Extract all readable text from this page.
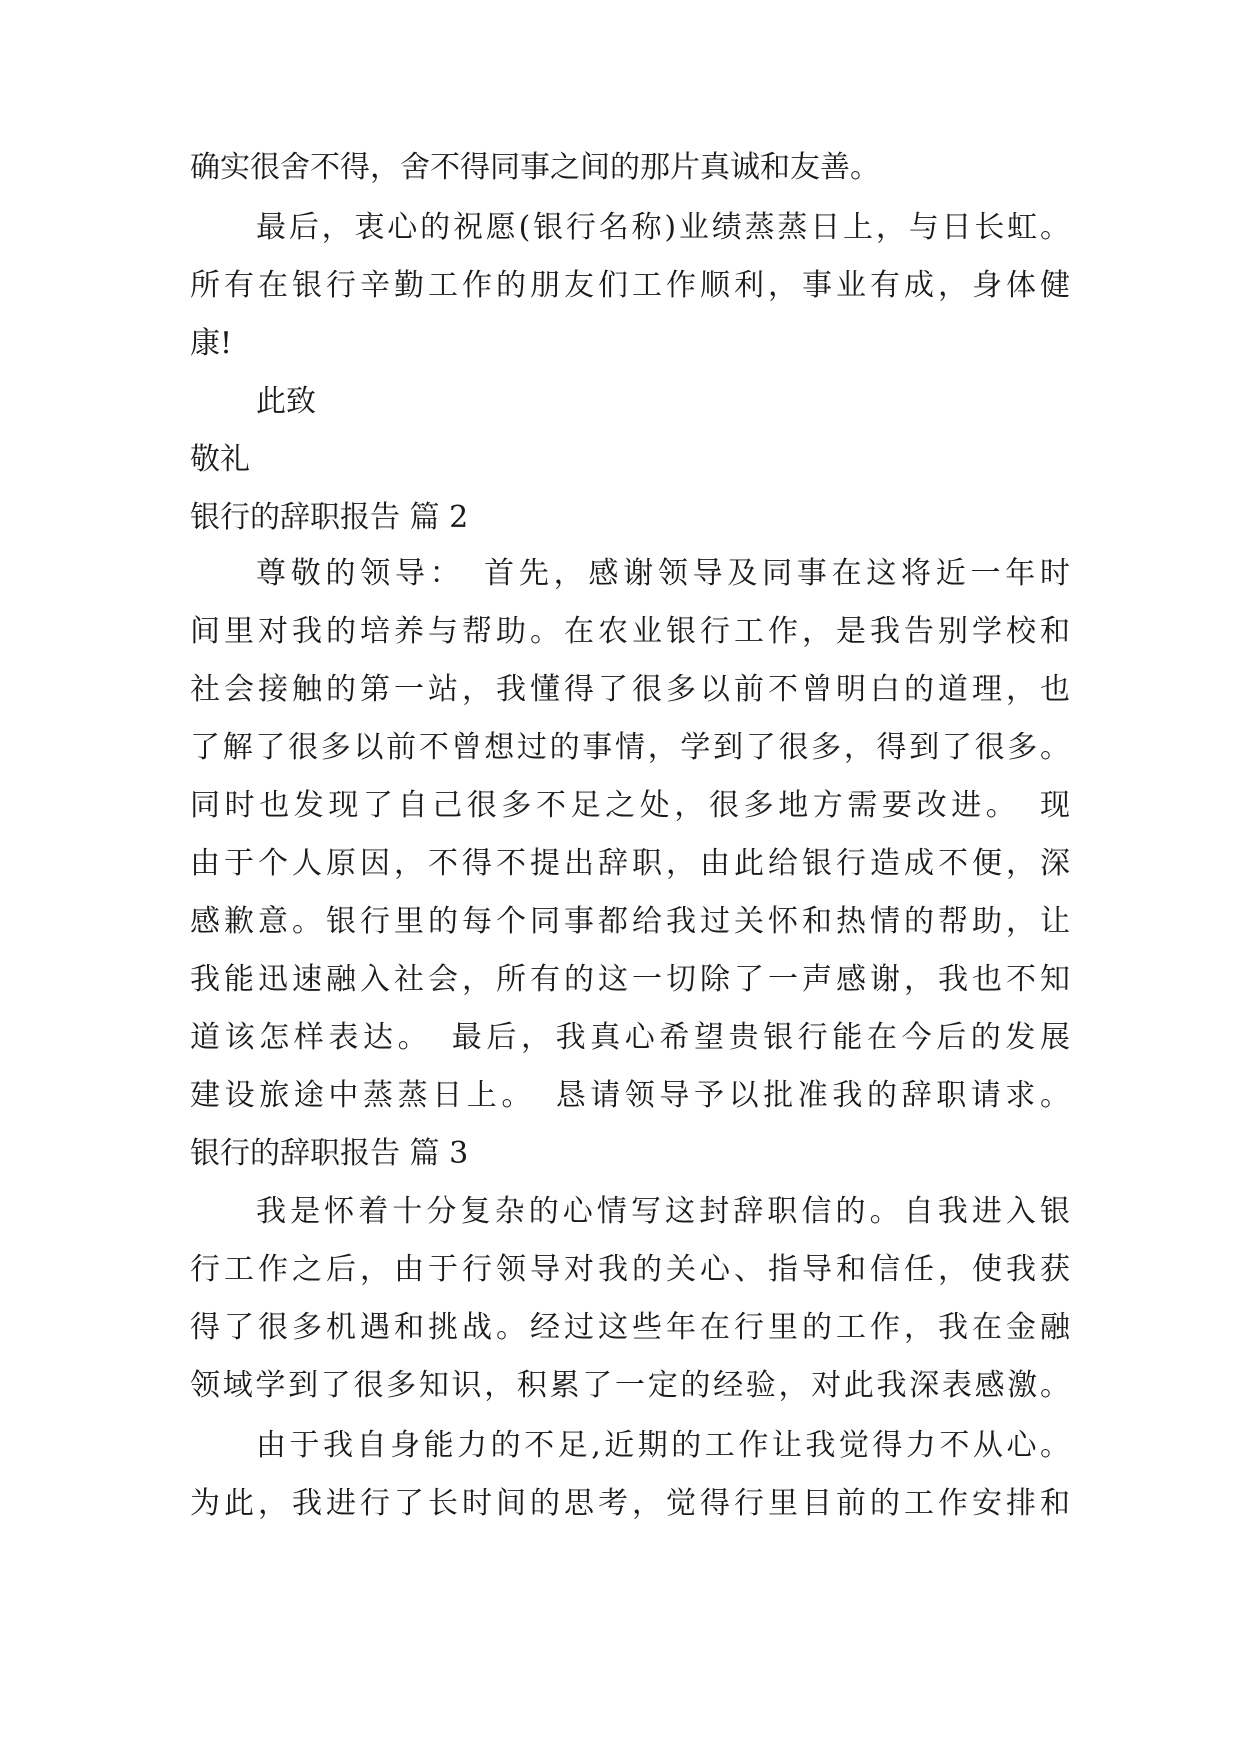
确实很舍不得，舍不得同事之间的那片真诚和友善。
最后，衷心的祝愿(银行名称)业绩蒸蒸日上，与日长虹。
所有在银行辛勤工作的朋友们工作顺利，事业有成，身体健
康!
此致
敬礼
银行的辞职报告 篇 2
尊敬的领导：　首先，感谢领导及同事在这将近一年时
间里对我的培养与帮助。在农业银行工作，是我告别学校和
社会接触的第一站，我懂得了很多以前不曾明白的道理，也
了解了很多以前不曾想过的事情，学到了很多，得到了很多。
同时也发现了自己很多不足之处，很多地方需要改进。　现
由于个人原因，不得不提出辞职，由此给银行造成不便，深
感歉意。银行里的每个同事都给我过关怀和热情的帮助，让
我能迅速融入社会，所有的这一切除了一声感谢，我也不知
道该怎样表达。　最后，我真心希望贵银行能在今后的发展
建设旅途中蒸蒸日上。　恳请领导予以批准我的辞职请求。
银行的辞职报告 篇 3
我是怀着十分复杂的心情写这封辞职信的。自我进入银
行工作之后，由于行领导对我的关心、指导和信任，使我获
得了很多机遇和挑战。经过这些年在行里的工作，我在金融
领域学到了很多知识，积累了一定的经验，对此我深表感激。
由于我自身能力的不足,近期的工作让我觉得力不从心。
为此，我进行了长时间的思考，觉得行里目前的工作安排和
